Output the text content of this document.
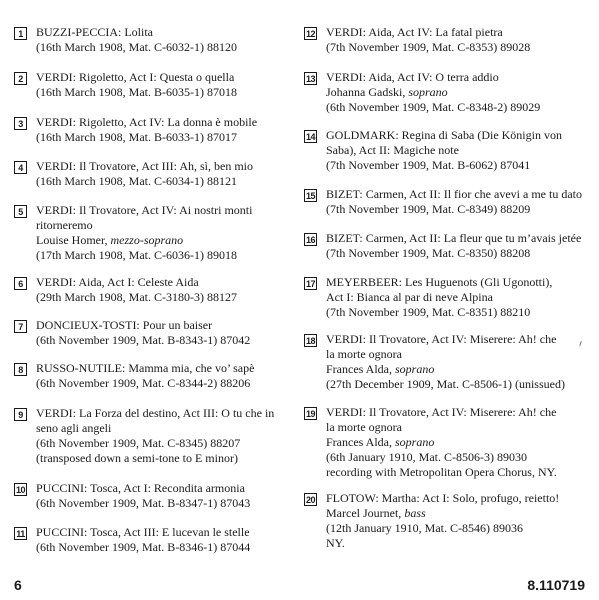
1	BUZZI-PECCIA: Lolita
(16th March 1908, Mat. C-6032-1) 88120
2	VERDI: Rigoletto, Act I: Questa o quella
(16th March 1908, Mat. B-6035-1) 87018
3	VERDI: Rigoletto, Act IV: La donna è mobile
(16th March 1908, Mat. B-6033-1) 87017
4	VERDI: Il Trovatore, Act III: Ah, sì, ben mio
(16th March 1908, Mat. C-6034-1) 88121
5	VERDI: Il Trovatore, Act IV: Ai nostri monti
ritorneremo
Louise Homer, mezzo-soprano
(17th March 1908, Mat. C-6036-1) 89018
6	VERDI: Aida, Act I: Celeste Aida
(29th March 1908, Mat. C-3180-3) 88127
7	DONCIEUX-TOSTI: Pour un baiser
(6th November 1909, Mat. B-8343-1) 87042
8	RUSSO-NUTILE: Mamma mia, che vo’ sapè
(6th November 1909, Mat. C-8344-2) 88206
9	VERDI: La Forza del destino, Act III: O tu che in
seno agli angeli
(6th November 1909, Mat. C-8345) 88207
(transposed down a semi-tone to E minor)
10 PUCCINI: Tosca, Act I: Recondita armonia
(6th November 1909, Mat. B-8347-1) 87043
11 PUCCINI: Tosca, Act III: E lucevan le stelle
(6th November 1909, Mat. B-8346-1) 87044
12 VERDI: Aida, Act IV: La fatal pietra
(7th November 1909, Mat. C-8353) 89028
13 VERDI: Aida, Act IV: O terra addio
Johanna Gadski, soprano
(6th November 1909, Mat. C-8348-2) 89029
14 GOLDMARK: Regina di Saba (Die Königin von
Saba), Act II: Magiche note
(7th November 1909, Mat. B-6062) 87041
15 BIZET: Carmen, Act II: Il fior che avevi a me tu dato
(7th November 1909, Mat. C-8349) 88209
16 BIZET: Carmen, Act II: La fleur que tu m’avais jetée
(7th November 1909, Mat. C-8350) 88208
17 MEYERBEER: Les Huguenots (Gli Ugonotti),
Act I: Bianca al par di neve Alpina
(7th November 1909, Mat. C-8351) 88210
18 VERDI: Il Trovatore, Act IV: Miserere: Ah! che
la morte ognora
Frances Alda, soprano
(27th December 1909, Mat. C-8506-1) (unissued)
19 VERDI: Il Trovatore, Act IV: Miserere: Ah! che
la morte ognora
Frances Alda, soprano
(6th January 1910, Mat. C-8506-3) 89030
recording with Metropolitan Opera Chorus, NY.
20 FLOTOW: Martha: Act I: Solo, profugo, reietto!
Marcel Journet, bass
(12th January 1910, Mat. C-8546) 89036
NY.
6	8.110719
